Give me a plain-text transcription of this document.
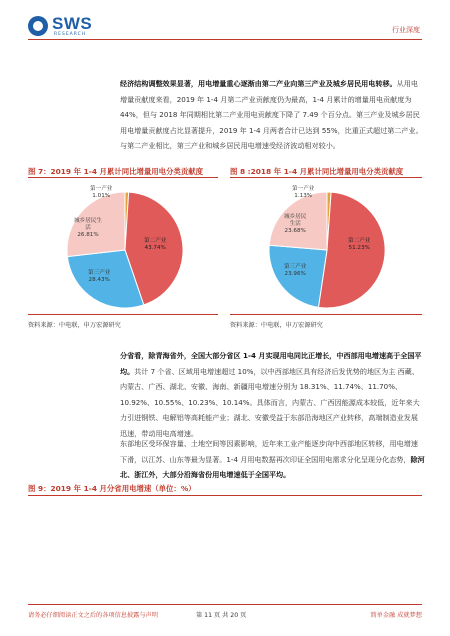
SWS
RESEARCH
行业深度
经济结构调整效果显著，用电增量重心逐渐由第二产业向第三产业及城乡居民用电转移。从用电增量贡献度来看，2019 年 1-4 月第二产业贡献度仍为最高，1-4 月累计的增量用电贡献度为 44%，但与 2018 年同期相比第二产业用电贡献度下降了 7.49 个百分点。第三产业及城乡居民用电增量贡献度占比显著提升，2019 年 1-4 月两者合计已达到 55%，比重正式超过第二产业。与第二产业相比，第三产业和城乡居民用电增速受经济波动相对较小。
图 7：2019 年 1-4 月累计同比增量用电分类贡献度
第一产业
1.01%
第二产业
43.74%
第三产业
28.43%
城乡居民生
活
26.81%
资料来源：中电联，申万宏源研究
图 8 :2018 年 1-4 月累计同比增量用电分类贡献度
第一产业
1.13%
第二产业
51.23%
第三产业
23.96%
城乡居民
生活
23.68%
资料来源：中电联，申万宏源研究
分省看，除青海省外，全国大部分省区 1-4 月实现用电同比正增长，中西部用电增速高于全国平均。共计 7 个省、区域用电增速超过 10%，以中西部地区具有经济后发优势的地区为主 西藏、内蒙古、广西、湖北、安徽、海南、新疆用电增速分别为 18.31%、11.74%、11.70%、10.92%、10.55%、10.23%、10.14%。具体而言，内蒙古、广西因能源成本较低，近年来大力引进钢铁、电解铝等高耗能产业；湖北、安徽受益于东部沿海地区产业转移，高端制造业发展迅速，带动用电高增速。
东部地区受环保容量、土地空间等因素影响，近年来工业产能逐步向中西部地区转移，用电增速下滑，以江苏、山东等最为显著。1-4 月用电数据再次印证全国用电需求分化呈现分化态势，除河北、浙江外，大部分沿海省份用电增速低于全国平均。
图 9：2019 年 1-4 月分省用电增速（单位：%）
请务必仔细阅读正文之后的各项信息披露与声明	第 11 页 共 20 页	简单金融 成就梦想
